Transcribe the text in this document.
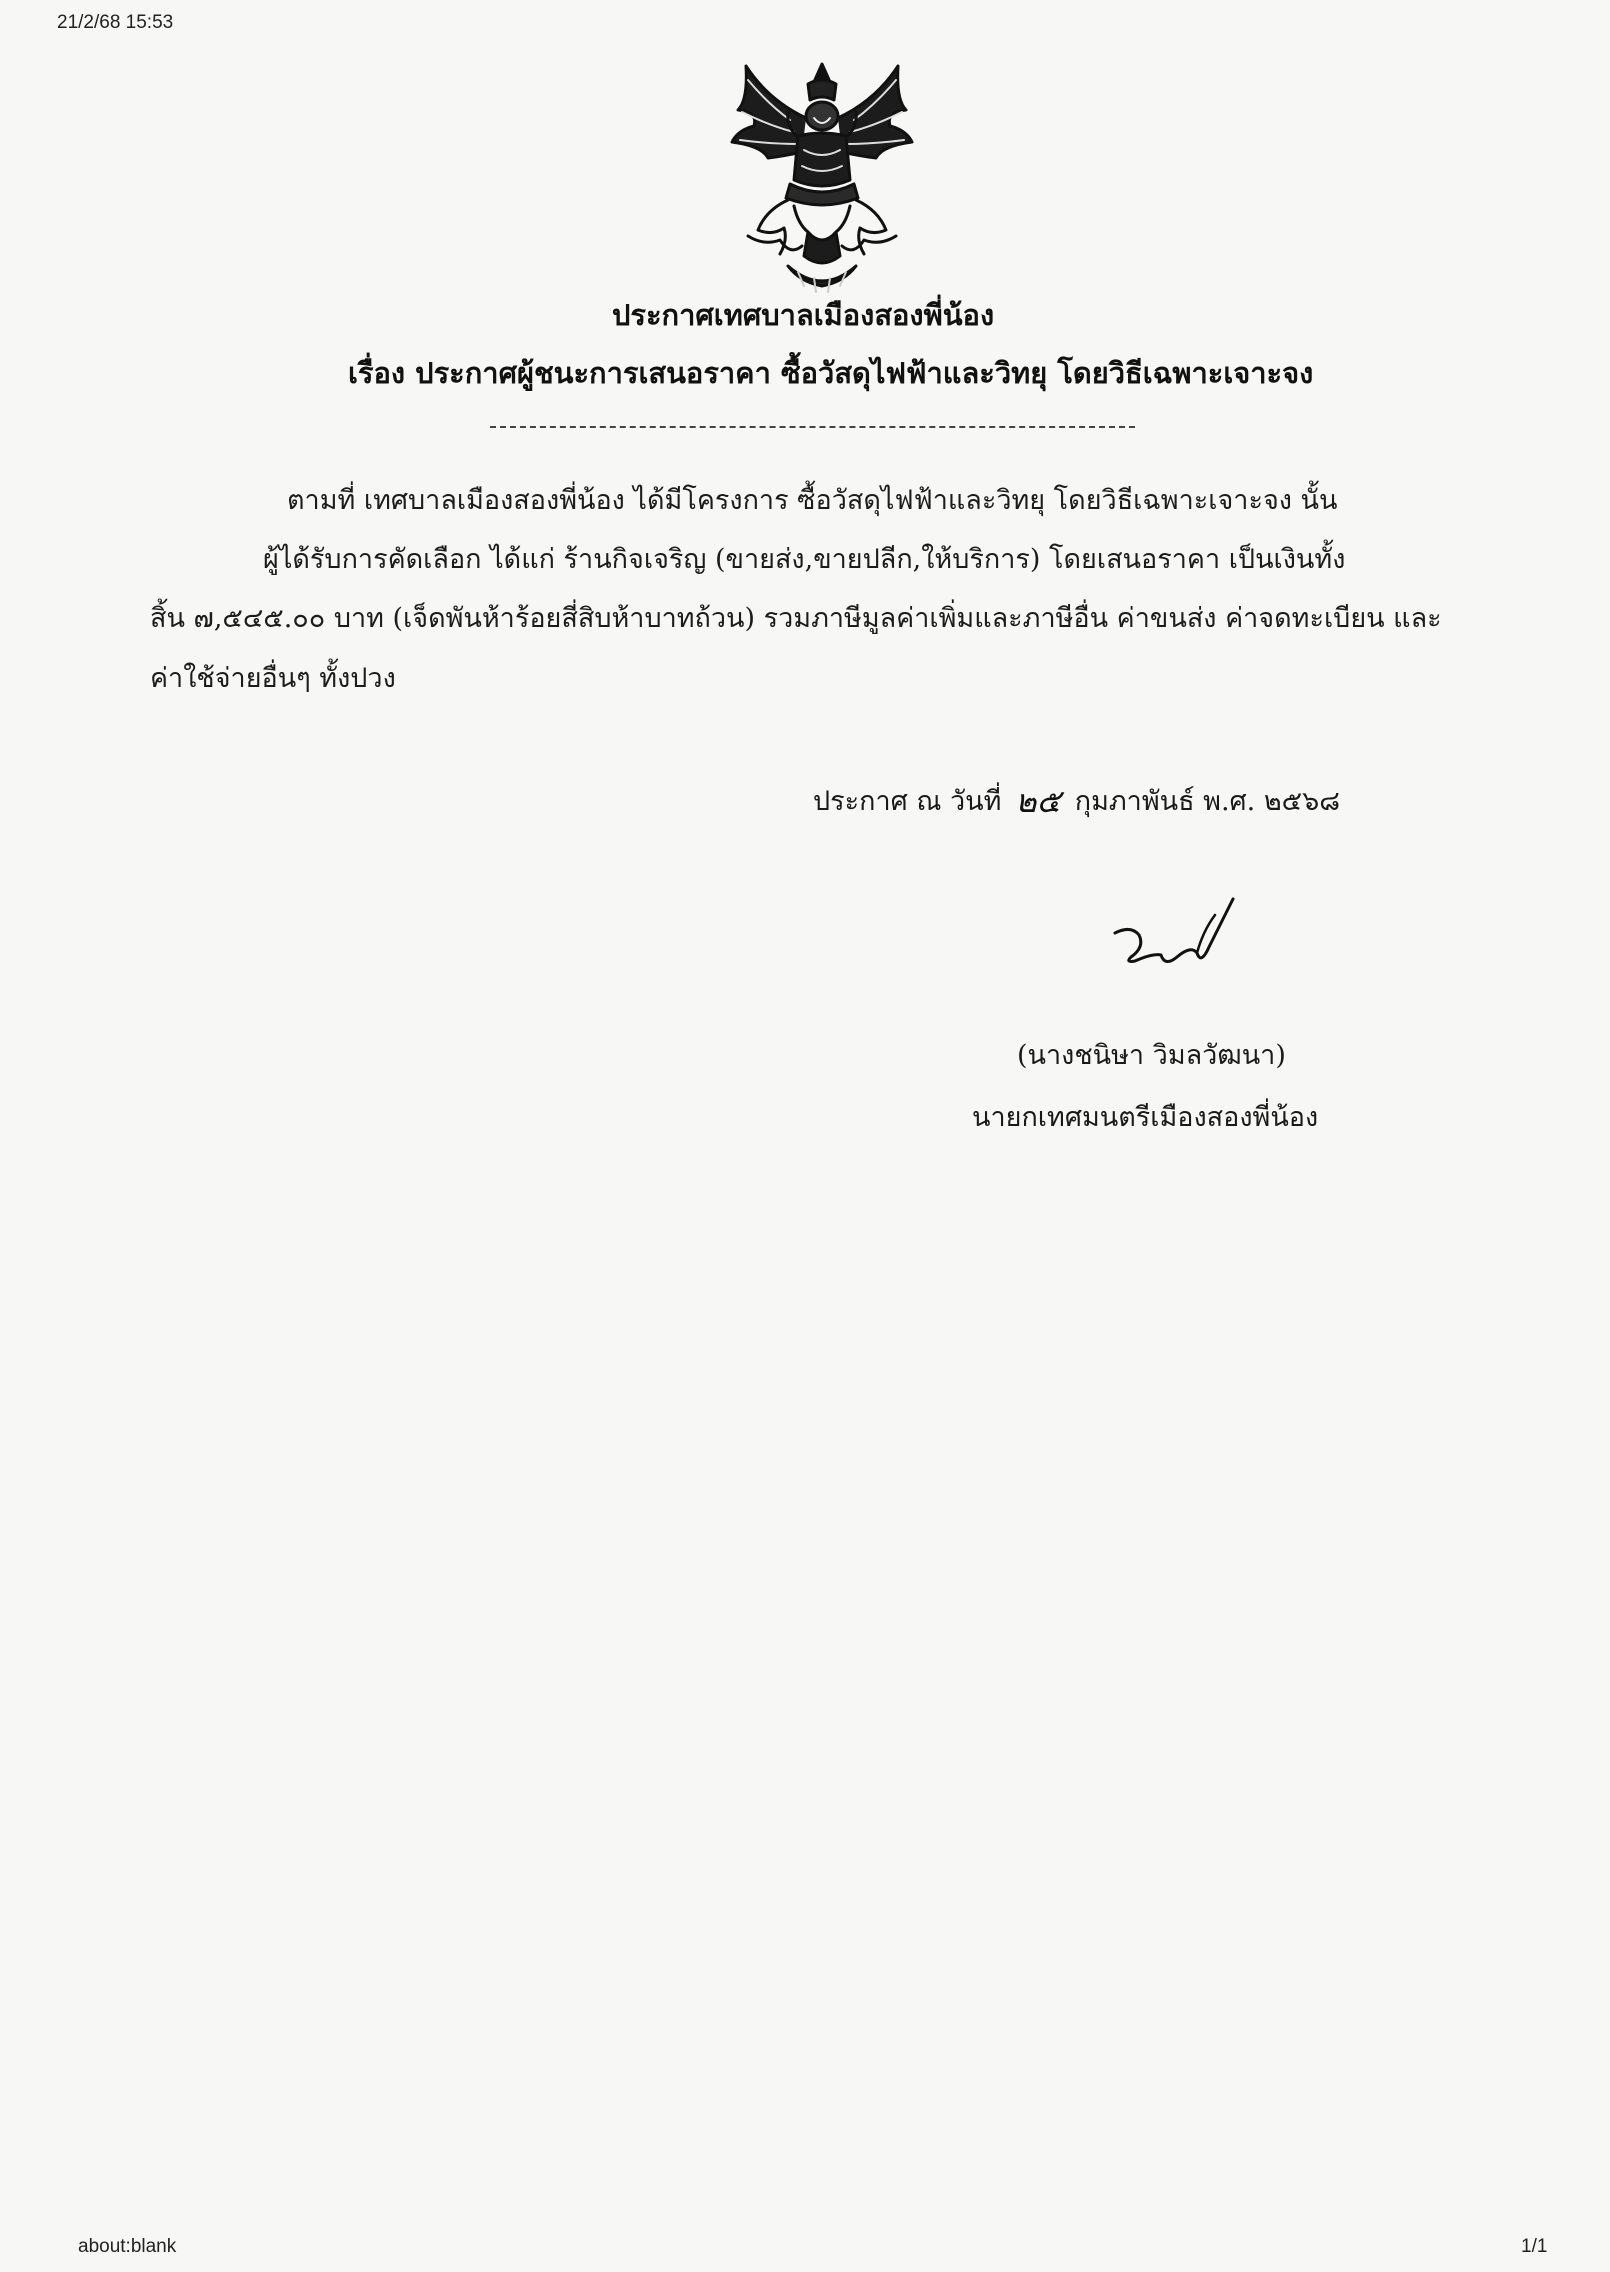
21/2/68 15:53
about:blank	1/1
ประกาศเทศบาลเมืองสองพี่น้อง
เรื่อง ประกาศผู้ชนะการเสนอราคา ซื้อวัสดุไฟฟ้าและวิทยุ โดยวิธีเฉพาะเจาะจง
ตามที่ เทศบาลเมืองสองพี่น้อง ได้มีโครงการ ซื้อวัสดุไฟฟ้าและวิทยุ โดยวิธีเฉพาะเจาะจง นั้น
ผู้ได้รับการคัดเลือก ได้แก่ ร้านกิจเจริญ (ขายส่ง,ขายปลีก,ให้บริการ) โดยเสนอราคา เป็นเงินทั้ง
สิ้น ๗,๕๔๕.๐๐ บาท (เจ็ดพันห้าร้อยสี่สิบห้าบาทถ้วน) รวมภาษีมูลค่าเพิ่มและภาษีอื่น ค่าขนส่ง ค่าจดทะเบียน และ
ค่าใช้จ่ายอื่นๆ ทั้งปวง
ประกาศ ณ วันที่ ๒๕ กุมภาพันธ์ พ.ศ. ๒๕๖๘
(นางชนิษา วิมลวัฒนา)
นายกเทศมนตรีเมืองสองพี่น้อง
